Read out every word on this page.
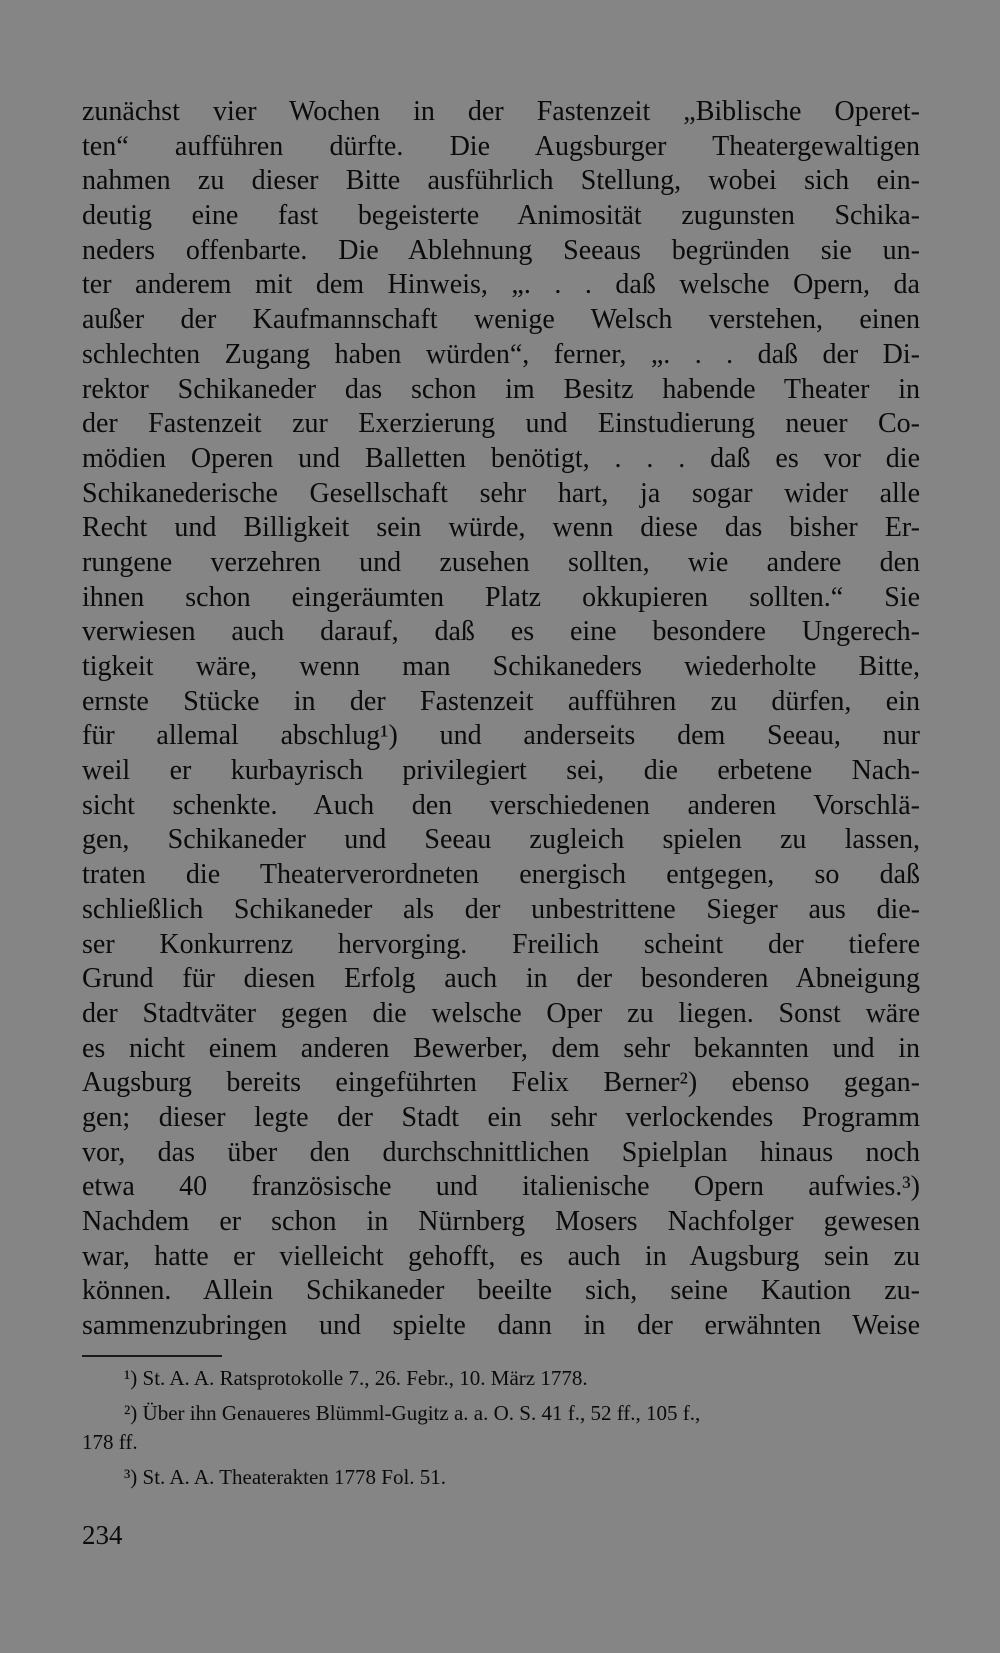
zunächst vier Wochen in der Fastenzeit „Biblische Operet-
ten“ aufführen dürfte. Die Augsburger Theatergewaltigen
nahmen zu dieser Bitte ausführlich Stellung, wobei sich ein-
deutig eine fast begeisterte Animosität zugunsten Schika-
neders offenbarte. Die Ablehnung Seeaus begründen sie un-
ter anderem mit dem Hinweis, „. . . daß welsche Opern, da
außer der Kaufmannschaft wenige Welsch verstehen, einen
schlechten Zugang haben würden“, ferner, „. . . daß der Di-
rektor Schikaneder das schon im Besitz habende Theater in
der Fastenzeit zur Exerzierung und Einstudierung neuer Co-
mödien Operen und Balletten benötigt, . . . daß es vor die
Schikanederische Gesellschaft sehr hart, ja sogar wider alle
Recht und Billigkeit sein würde, wenn diese das bisher Er-
rungene verzehren und zusehen sollten, wie andere den
ihnen schon eingeräumten Platz okkupieren sollten.“ Sie
verwiesen auch darauf, daß es eine besondere Ungerech-
tigkeit wäre, wenn man Schikaneders wiederholte Bitte,
ernste Stücke in der Fastenzeit aufführen zu dürfen, ein
für allemal abschlug¹) und anderseits dem Seeau, nur
weil er kurbayrisch privilegiert sei, die erbetene Nach-
sicht schenkte. Auch den verschiedenen anderen Vorschlä-
gen, Schikaneder und Seeau zugleich spielen zu lassen,
traten die Theaterverordneten energisch entgegen, so daß
schließlich Schikaneder als der unbestrittene Sieger aus die-
ser Konkurrenz hervorging. Freilich scheint der tiefere
Grund für diesen Erfolg auch in der besonderen Abneigung
der Stadtväter gegen die welsche Oper zu liegen. Sonst wäre
es nicht einem anderen Bewerber, dem sehr bekannten und in
Augsburg bereits eingeführten Felix Berner²) ebenso gegan-
gen; dieser legte der Stadt ein sehr verlockendes Programm
vor, das über den durchschnittlichen Spielplan hinaus noch
etwa 40 französische und italienische Opern aufwies.³)
Nachdem er schon in Nürnberg Mosers Nachfolger gewesen
war, hatte er vielleicht gehofft, es auch in Augsburg sein zu
können. Allein Schikaneder beeilte sich, seine Kaution zu-
sammenzubringen und spielte dann in der erwähnten Weise
¹) St. A. A. Ratsprotokolle 7., 26. Febr., 10. März 1778.
²) Über ihn Genaueres Blümml-Gugitz a. a. O. S. 41 f., 52 ff., 105 f.,
178 ff.
³) St. A. A. Theaterakten 1778 Fol. 51.
234
